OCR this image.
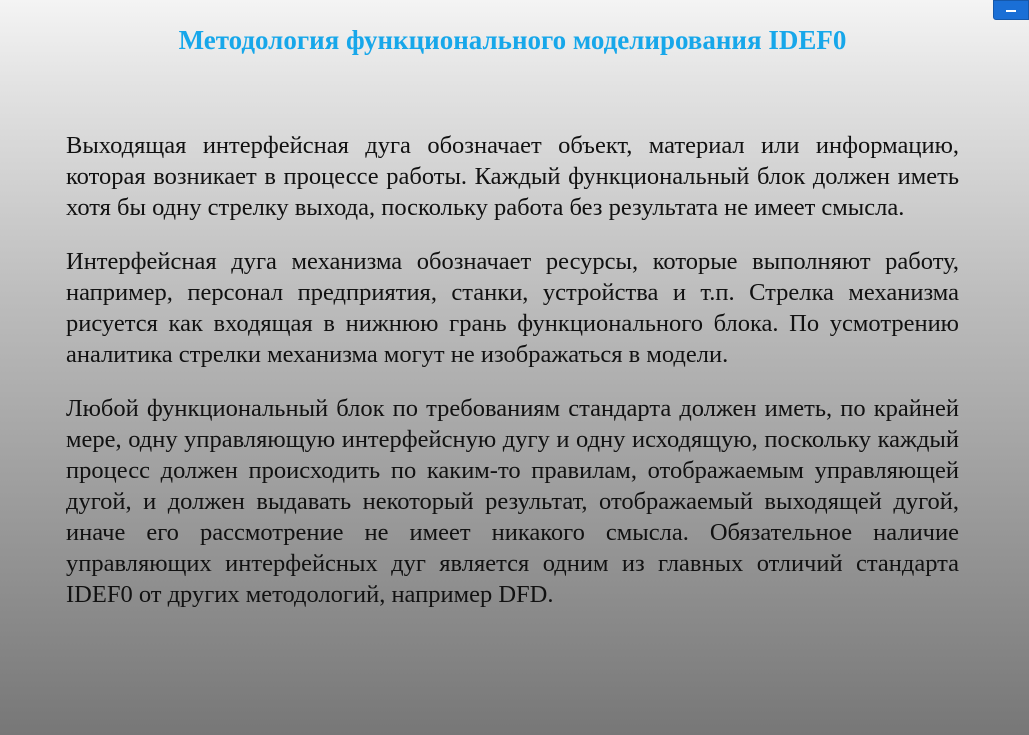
Методология функционального моделирования IDEF0

Выходящая интерфейсная дуга обозначает объект, материал или информацию, которая возникает в процессе работы. Каждый функциональный блок должен иметь хотя бы одну стрелку выхода, поскольку работа без результата не имеет смысла.

Интерфейсная дуга механизма обозначает ресурсы, которые выполняют работу, например, персонал предприятия, станки, устройства и т.п. Стрелка механизма рисуется как входящая в нижнюю грань функционального блока. По усмотрению аналитика стрелки механизма могут не изображаться в модели.

Любой функциональный блок по требованиям стандарта должен иметь, по крайней мере, одну управляющую интерфейсную дугу и одну исходящую, поскольку каждый процесс должен происходить по каким-то правилам, отображаемым управляющей дугой, и должен выдавать некоторый результат, отображаемый выходящей дугой, иначе его рассмотрение не имеет никакого смысла. Обязательное наличие управляющих интерфейсных дуг является одним из главных отличий стандарта IDEF0 от других методологий, например DFD.
